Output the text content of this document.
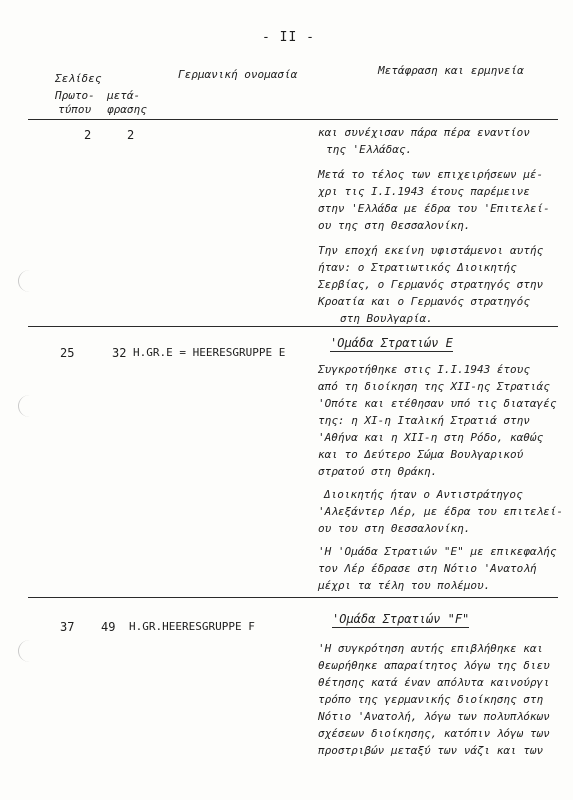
- II -
Σελίδες
Πρωτο-
τύπου
μετά-
φρασης
Γερμανική ονομασία	Μετάφραση και ερμηνεία
2	2	και συνέχισαν πάρα πέρα εναντίον
της 'Ελλάδας.
Μετά το τέλος των επιχειρήσεων μέ-
χρι τις Ι.Ι.1943 έτους παρέμεινε
στην 'Ελλάδα με έδρα του 'Επιτελεί-
ου της στη Θεσσαλονίκη.
Την εποχή εκείνη υφιστάμενοι αυτής
ήταν: ο Στρατιωτικός Διοικητής
Σερβίας, ο Γερμανός στρατηγός στην
Κροατία και ο Γερμανός στρατηγός
στη Βουλγαρία.
25	32 H.GR.E = HEERESGRUPPE E
'Ομάδα Στρατιών Ε
Συγκροτήθηκε στις Ι.Ι.1943 έτους
από τη διοίκηση της ΧΙΙ-ης Στρατιάς
'Οπότε και ετέθησαν υπό τις διαταγές
της: η ΧΙ-η Ιταλική Στρατιά στην
'Αθήνα και η ΧΙΙ-η στη Ρόδο, καθώς
και το Δεύτερο Σώμα Βουλγαρικού
στρατού στη Θράκη.
Διοικητής ήταν ο Αντιστράτηγος
'Αλεξάντερ Λέρ, με έδρα του επιτελεί-
ου του στη Θεσσαλονίκη.
'Η 'Ομάδα Στρατιών "Ε" με επικεφαλής
τον Λέρ έδρασε στη Νότιο 'Ανατολή
μέχρι τα τέλη του πολέμου.
37 49 H.GR.HEERESGRUPPE F
'Ομάδα Στρατιών "F"
'Η συγκρότηση αυτής επιβλήθηκε και
θεωρήθηκε απαραίτητος λόγω της διευ
θέτησης κατά έναν απόλυτα καινούργι
τρόπο της γερμανικής διοίκησης στη
Νότιο 'Ανατολή, λόγω των πολυπλόκων
σχέσεων διοίκησης, κατόπιν λόγω των
προστριβών μεταξύ των νάζι και των
